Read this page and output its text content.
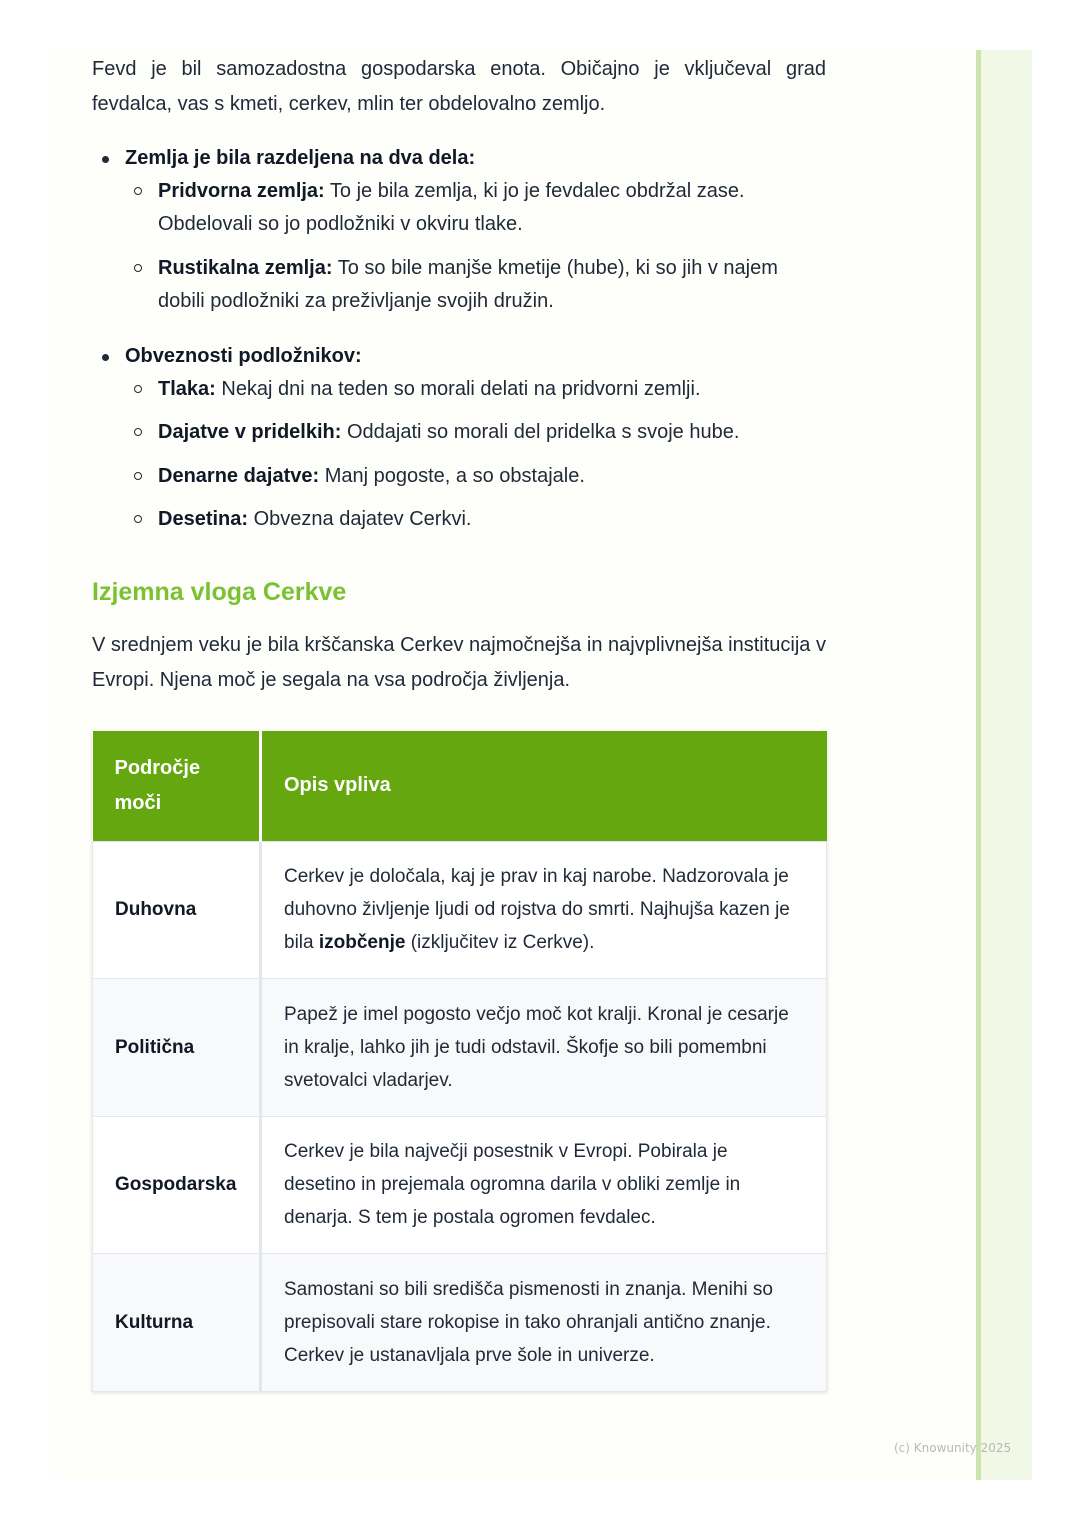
Fevd je bil samozadostna gospodarska enota. Običajno je vključeval grad fevdalca, vas s kmeti, cerkev, mlin ter obdelovalno zemljo.

Zemlja je bila razdeljena na dva dela:
Pridvorna zemlja: To je bila zemlja, ki jo je fevdalec obdržal zase. Obdelovali so jo podložniki v okviru tlake.
Rustikalna zemlja: To so bile manjše kmetije (hube), ki so jih v najem dobili podložniki za preživljanje svojih družin.
Obveznosti podložnikov:
Tlaka: Nekaj dni na teden so morali delati na pridvorni zemlji.
Dajatve v pridelkih: Oddajati so morali del pridelka s svoje hube.
Denarne dajatve: Manj pogoste, a so obstajale.
Desetina: Obvezna dajatev Cerkvi.
Izjemna vloga Cerkve

V srednjem veku je bila krščanska Cerkev najmočnejša in najvplivnejša institucija v Evropi. Njena moč je segala na vsa področja življenja.

Področje moči	Opis vpliva
Duhovna	Cerkev je določala, kaj je prav in kaj narobe. Nadzorovala je duhovno življenje ljudi od rojstva do smrti. Najhujša kazen je bila izobčenje (izključitev iz Cerkve).
Politična	Papež je imel pogosto večjo moč kot kralji. Kronal je cesarje in kralje, lahko jih je tudi odstavil. Škofje so bili pomembni svetovalci vladarjev.
Gospodarska	Cerkev je bila največji posestnik v Evropi. Pobirala je desetino in prejemala ogromna darila v obliki zemlje in denarja. S tem je postala ogromen fevdalec.
Kulturna	Samostani so bili središča pismenosti in znanja. Menihi so prepisovali stare rokopise in tako ohranjali antično znanje. Cerkev je ustanavljala prve šole in univerze.
(c) Knowunity 2025
